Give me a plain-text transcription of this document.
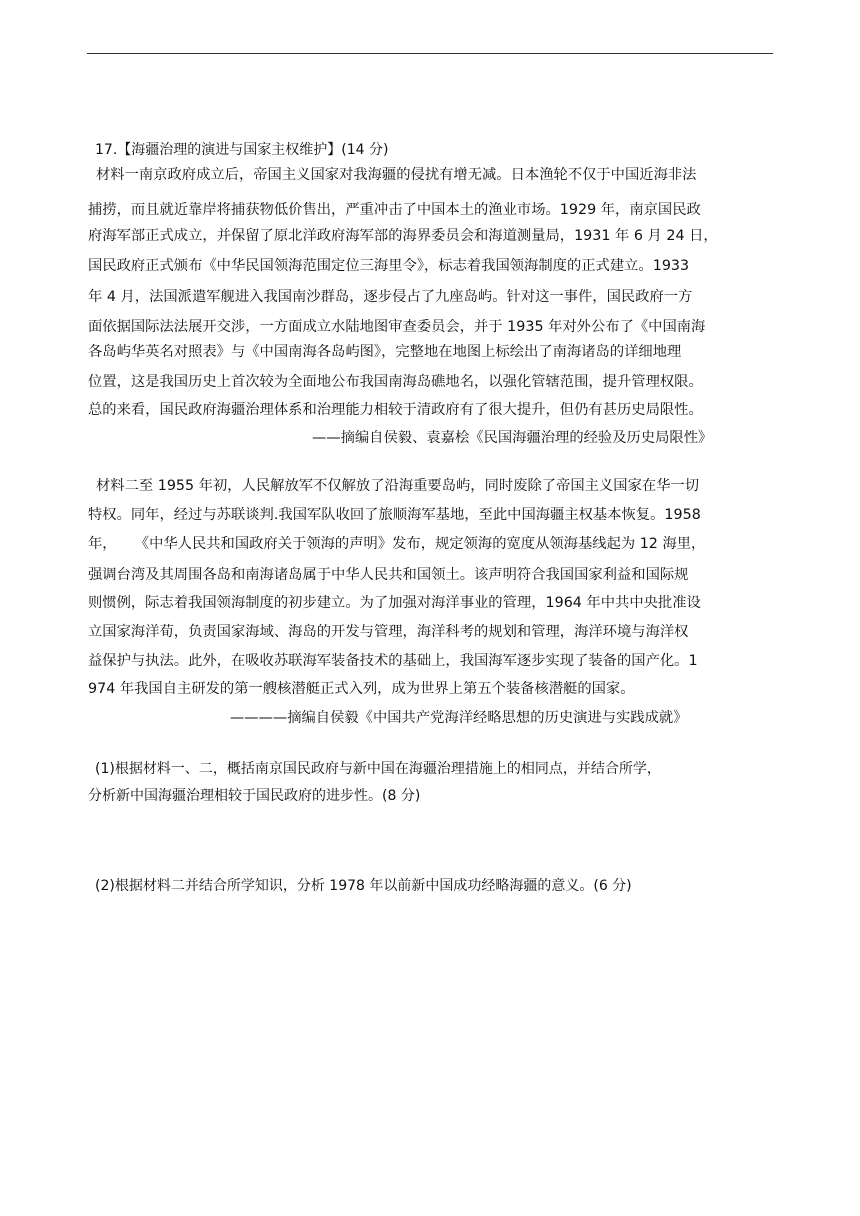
17.【海疆治理的演进与国家主权维护】(14 分)
材料一南京政府成立后，帝国主义国家对我海疆的侵扰有增无减。日本渔轮不仅于中国近海非法
捕捞，而且就近靠岸将捕获物低价售出，严重冲击了中国本土的渔业市场。1929 年，南京国民政
府海军部正式成立，并保留了原北洋政府海军部的海界委员会和海道测量局，1931 年 6 月 24 日，
国民政府正式颁布《中华民国领海范围定位三海里令》，标志着我国领海制度的正式建立。1933
年 4 月，法国派遣军舰进入我国南沙群岛，逐步侵占了九座岛屿。针对这一事件，国民政府一方
面依据国际法法展开交涉，一方面成立水陆地图审查委员会，并于 1935 年对外公布了《中国南海
各岛屿华英名对照表》与《中国南海各岛屿图》，完整地在地图上标绘出了南海诸岛的详细地理
位置，这是我国历史上首次较为全面地公布我国南海岛礁地名，以强化管辖范围，提升管理权限。
总的来看，国民政府海疆治理体系和治理能力相较于清政府有了很大提升，但仍有甚历史局限性。
——摘编自侯毅、袁嘉桧《民国海疆治理的经验及历史局限性》
材料二至 1955 年初，人民解放军不仅解放了沿海重要岛屿，同时废除了帝国主义国家在华一切
特权。同年，经过与苏联谈判.我国军队收回了旅顺海军基地，至此中国海疆主权基本恢复。1958
年，    《中华人民共和国政府关于领海的声明》发布，规定领海的宽度从领海基线起为 12 海里，
强调台湾及其周围各岛和南海诸岛属于中华人民共和国领土。该声明符合我国国家利益和国际规
则惯例，际志着我国领海制度的初步建立。为了加强对海洋事业的管理，1964 年中共中央批准设
立国家海洋荀，负责国家海域、海岛的开发与管理，海洋科考的规划和管理，海洋环境与海洋权
益保护与执法。此外，在吸收苏联海军装备技术的基础上，我国海军逐步实现了装备的国产化。1
974 年我国自主研发的第一艘核潜艇正式入列，成为世界上第五个装备核潜艇的国家。
————摘编自侯毅《中国共产党海洋经略思想的历史演进与实践成就》
(1)根据材料一、二，概括南京国民政府与新中国在海疆治理措施上的相同点，并结合所学，
分析新中国海疆治理相较于国民政府的进步性。(8 分)
(2)根据材料二并结合所学知识，分析 1978 年以前新中国成功经略海疆的意义。(6 分)
